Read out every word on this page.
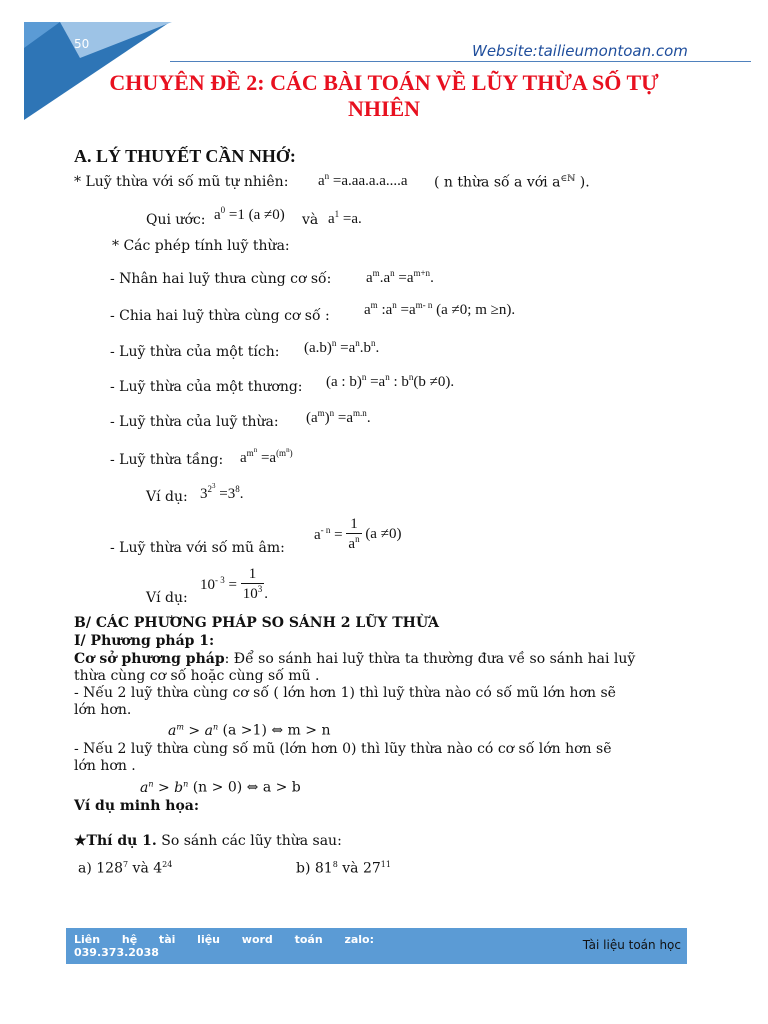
50	Website:tailieumontoan.com
CHUYÊN ĐỀ 2: CÁC BÀI TOÁN VỀ LŨY THỪA SỐ TỰ
NHIÊN
A. LÝ THUYẾT CẦN NHỚ:
* Luỹ thừa với số mũ tự nhiên: $a^n =a.aa.a.a....a$ ( n thừa số a với $a^{\in ℕ}$ ).
Qui ước: $a^0 =1$ (a ≠0) và $a^1 =a$.
* Các phép tính luỹ thừa:
- Nhân hai luỹ thưa cùng cơ số: $a^m.a^n =a^{m+n}$.
- Chia hai luỹ thừa cùng cơ số : $a^m$ $:a^n =a^{m- n}$ (a ≠0; m ≥n).
- Luỹ thừa của một tích: $(a.b)^n =a^n.b^n$.
- Luỹ thừa của một thương: (a : $b)^n =a^n$ : $b^n(b \ne 0)$.
- Luỹ thừa của luỹ thừa: $(a^m)^n =a^{m.n}$.
- Luỹ thừa tầng: $a^{m^n} =a^{(m^n)}$
Ví dụ: $3^{2^3} =3^8$.
- Luỹ thừa với số mũ âm:
$a^{- n} = \frac{1}{a^n} (a \ne 0)$
Ví dụ:
$10^{- 3} = \frac{1}{10^3}$ .
B/ CÁC PHƯƠNG PHÁP SO SÁNH 2 LŨY THỪA
I/ Phương pháp 1:
Cơ sở phương pháp: Để so sánh hai luỹ thừa ta thường đưa về so sánh hai luỹ
thừa cùng cơ số hoặc cùng số mũ .
- Nếu 2 luỹ thừa cùng cơ số ( lớn hơn 1) thì luỹ thừa nào có số mũ lớn hơn sẽ
lớn hơn.
$a^m > a^n$ (a >1) ⇔ m > n
- Nếu 2 luỹ thừa cùng số mũ (lớn hơn 0) thì lũy thừa nào có cơ số lớn hơn sẽ
lớn hơn .
$a^n > b^n$ (n > 0) ⇔ a > b
Ví dụ minh họa:
★Thí dụ 1. So sánh các lũy thừa sau:
a) $128^7$ và $4^{24}$	b) $81^8$ và $27^{11}$
Liên hệ tài liệu word toán zalo:
039.373.2038
Tài liệu toán học
